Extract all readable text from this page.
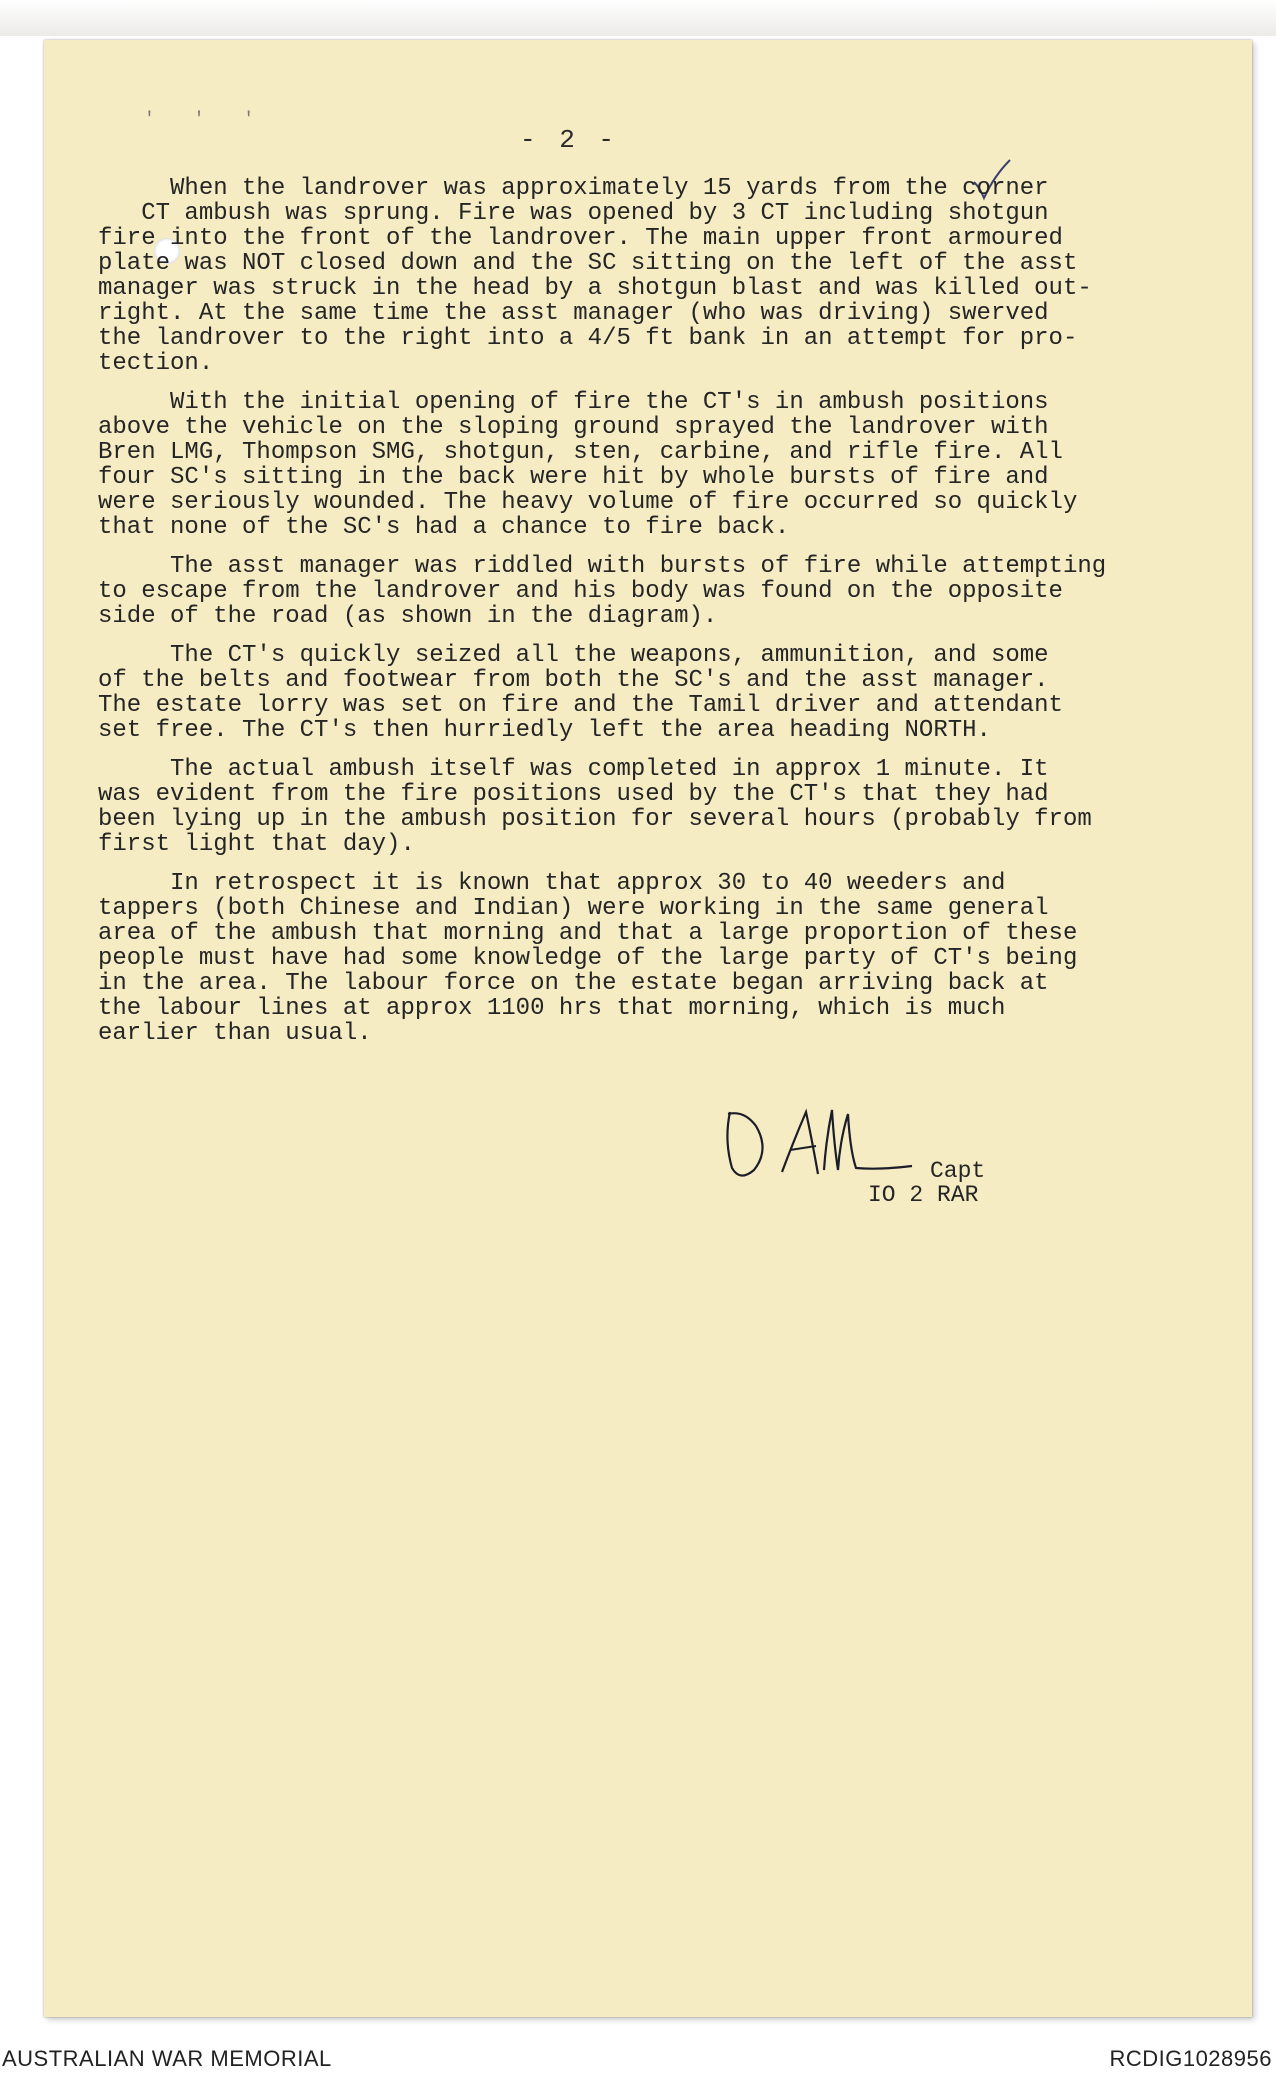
' ' '
- 2 -
When the landrover was approximately 15 yards from the corner
CT ambush was sprung. Fire was opened by 3 CT including shotgun
fire into the front of the landrover. The main upper front armoured
plate was NOT closed down and the SC sitting on the left of the asst
manager was struck in the head by a shotgun blast and was killed out-
right. At the same time the asst manager (who was driving) swerved
the landrover to the right into a 4/5 ft bank in an attempt for pro-
tection.
With the initial opening of fire the CT's in ambush positions
above the vehicle on the sloping ground sprayed the landrover with
Bren LMG, Thompson SMG, shotgun, sten, carbine, and rifle fire. All
four SC's sitting in the back were hit by whole bursts of fire and
were seriously wounded. The heavy volume of fire occurred so quickly
that none of the SC's had a chance to fire back.
The asst manager was riddled with bursts of fire while attempting
to escape from the landrover and his body was found on the opposite
side of the road (as shown in the diagram).
The CT's quickly seized all the weapons, ammunition, and some
of the belts and footwear from both the SC's and the asst manager.
The estate lorry was set on fire and the Tamil driver and attendant
set free. The CT's then hurriedly left the area heading NORTH.
The actual ambush itself was completed in approx 1 minute. It
was evident from the fire positions used by the CT's that they had
been lying up in the ambush position for several hours (probably from
first light that day).
In retrospect it is known that approx 30 to 40 weeders and
tappers (both Chinese and Indian) were working in the same general
area of the ambush that morning and that a large proportion of these
people must have had some knowledge of the large party of CT's being
in the area. The labour force on the estate began arriving back at
the labour lines at approx 1100 hrs that morning, which is much
earlier than usual.
Capt
IO 2 RAR
AUSTRALIAN WAR MEMORIAL	RCDIG1028956
